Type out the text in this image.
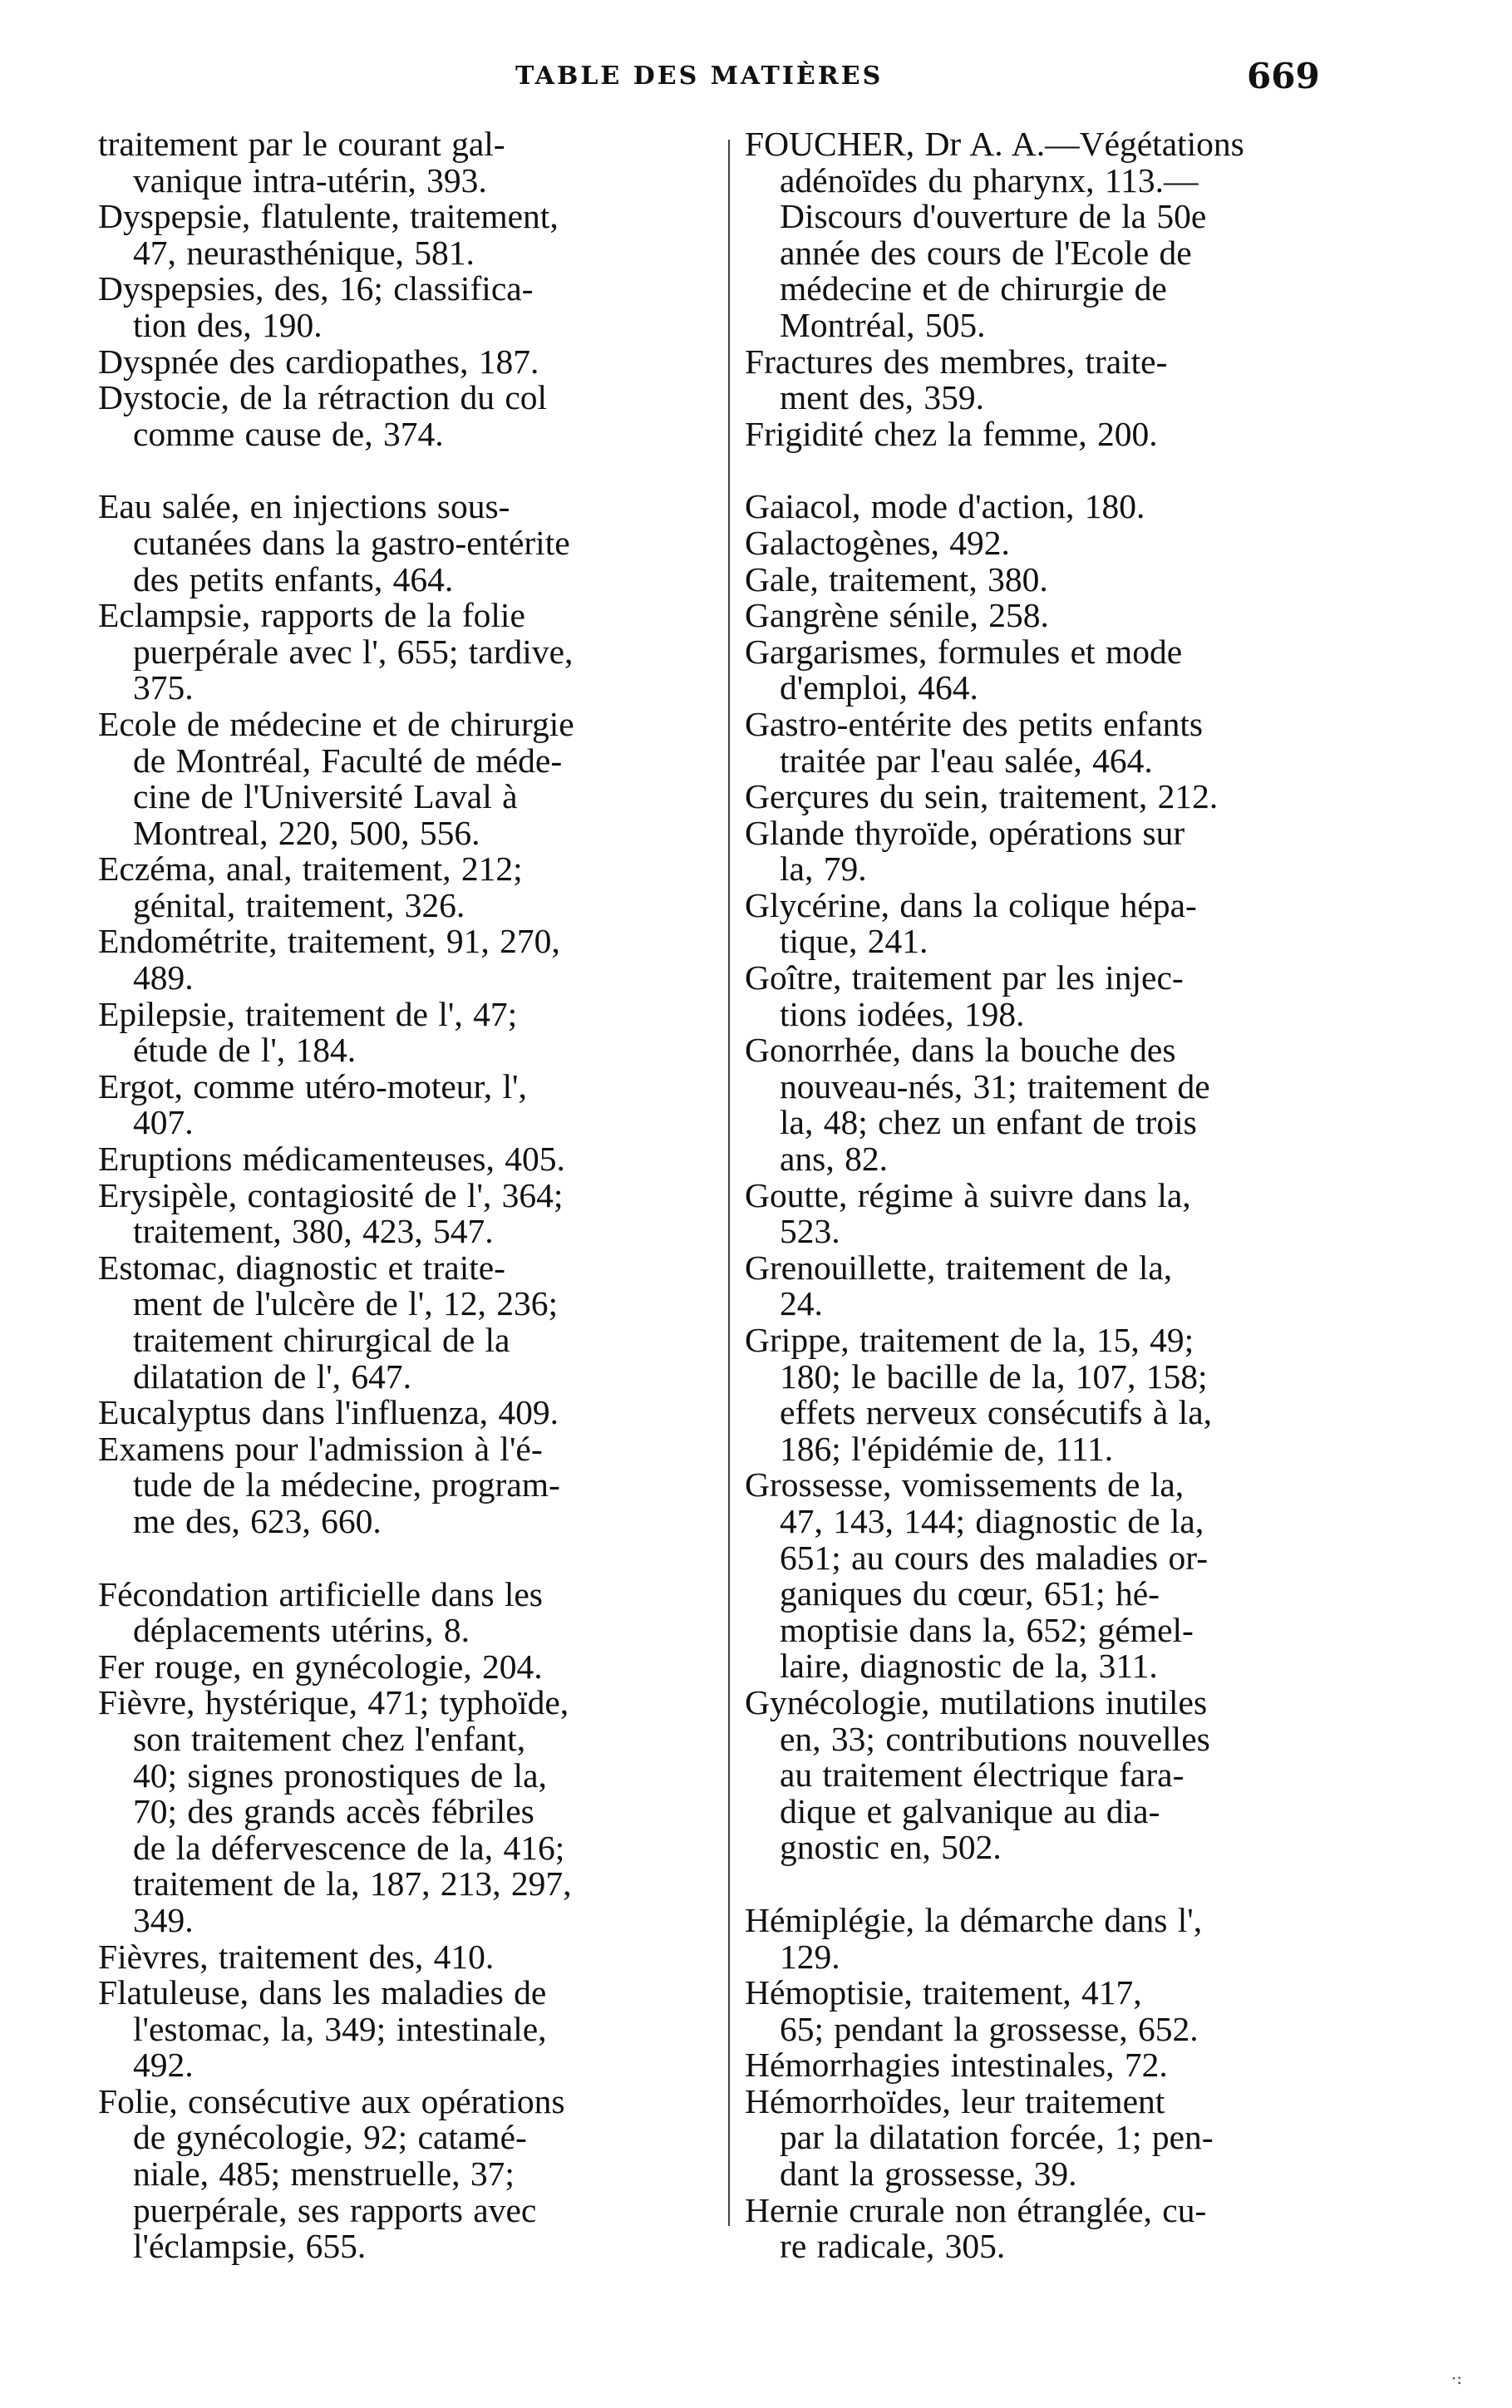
TABLE DES MATIÈRES	669

traitement par le courant gal-
vanique intra-utérin, 393.

Dyspepsie, flatulente, traitement,
47, neurasthénique, 581.

Dyspepsies, des, 16; classifica-
tion des, 190.

Dyspnée des cardiopathes, 187.

Dystocie, de la rétraction du col
comme cause de, 374.

Eau salée, en injections sous-
cutanées dans la gastro-entérite
des petits enfants, 464.

Eclampsie, rapports de la folie
puerpérale avec l', 655; tardive,
375.

Ecole de médecine et de chirurgie
de Montréal, Faculté de méde-
cine de l'Université Laval à
Montreal, 220, 500, 556.

Eczéma, anal, traitement, 212;
génital, traitement, 326.

Endométrite, traitement, 91, 270,
489.

Epilepsie, traitement de l', 47;
étude de l', 184.

Ergot, comme utéro-moteur, l',
407.

Eruptions médicamenteuses, 405.

Erysipèle, contagiosité de l', 364;
traitement, 380, 423, 547.

Estomac, diagnostic et traite-
ment de l'ulcère de l', 12, 236;
traitement chirurgical de la
dilatation de l', 647.

Eucalyptus dans l'influenza, 409.

Examens pour l'admission à l'é-
tude de la médecine, program-
me des, 623, 660.

Fécondation artificielle dans les
déplacements utérins, 8.

Fer rouge, en gynécologie, 204.

Fièvre, hystérique, 471; typhoïde,
son traitement chez l'enfant,
40; signes pronostiques de la,
70; des grands accès fébriles
de la défervescence de la, 416;
traitement de la, 187, 213, 297,
349.

Fièvres, traitement des, 410.

Flatuleuse, dans les maladies de
l'estomac, la, 349; intestinale,
492.

Folie, consécutive aux opérations
de gynécologie, 92; catamé-
niale, 485; menstruelle, 37;
puerpérale, ses rapports avec
l'éclampsie, 655.

FOUCHER, Dr A. A.—Végétations
adénoïdes du pharynx, 113.—
Discours d'ouverture de la 50e
année des cours de l'Ecole de
médecine et de chirurgie de
Montréal, 505.

Fractures des membres, traite-
ment des, 359.

Frigidité chez la femme, 200.

Gaiacol, mode d'action, 180.

Galactogènes, 492.

Gale, traitement, 380.

Gangrène sénile, 258.

Gargarismes, formules et mode
d'emploi, 464.

Gastro-entérite des petits enfants
traitée par l'eau salée, 464.

Gerçures du sein, traitement, 212.

Glande thyroïde, opérations sur
la, 79.

Glycérine, dans la colique hépa-
tique, 241.

Goître, traitement par les injec-
tions iodées, 198.

Gonorrhée, dans la bouche des
nouveau-nés, 31; traitement de
la, 48; chez un enfant de trois
ans, 82.

Goutte, régime à suivre dans la,
523.

Grenouillette, traitement de la,
24.

Grippe, traitement de la, 15, 49;
180; le bacille de la, 107, 158;
effets nerveux consécutifs à la,
186; l'épidémie de, 111.

Grossesse, vomissements de la,
47, 143, 144; diagnostic de la,
651; au cours des maladies or-
ganiques du cœur, 651; hé-
moptisie dans la, 652; gémel-
laire, diagnostic de la, 311.

Gynécologie, mutilations inutiles
en, 33; contributions nouvelles
au traitement électrique fara-
dique et galvanique au dia-
gnostic en, 502.

Hémiplégie, la démarche dans l',
129.

Hémoptisie, traitement, 417,
65; pendant la grossesse, 652.

Hémorrhagies intestinales, 72.

Hémorrhoïdes, leur traitement
par la dilatation forcée, 1; pen-
dant la grossesse, 39.

Hernie crurale non étranglée, cu-
re radicale, 305.

·:
